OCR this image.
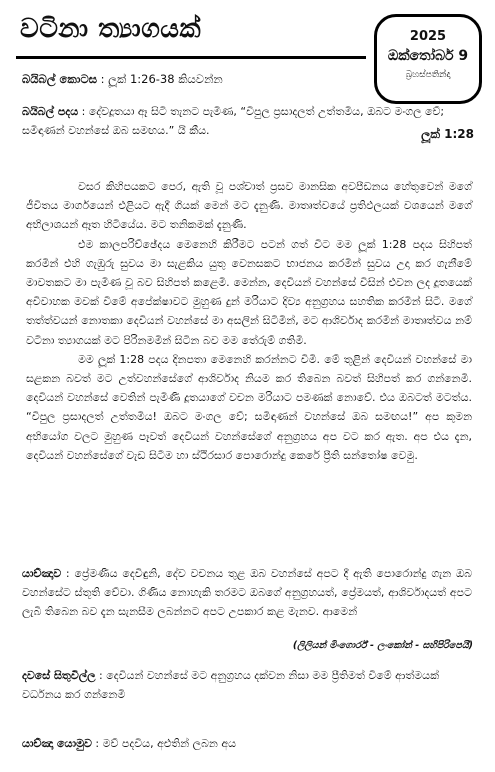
වටිනා ත්‍යාගයක්	2025
ඔක්තෝබර් 9
බ්‍රහස්පතින්දා
බයිබල් කොටස : ලූක් 1:26-38 කියවන්න
බයිබල් පදය : දේවදූතයා ඈ සිටි තැනට පැමිණ, “විපුල ප්‍රසාදලත් උත්තමිය, ඔබට මංගල වේ; සමිඳාණන් වහන්සේ ඔබ සමඟය.” යි කීය.	ලූක් 1:28

වසර කිහිපයකට පෙර, ඇති වූ පශ්චාත් ප්‍රසව මානසික අවපීඩනය හේතුවෙන් මගේ ජීවිතය මාර්ගයෙන් එළියට ඇදී ගියක් මෙන් මට දැනුණි. මාතෘත්වයේ ප්‍රතිඵලයක් වශයෙන් මගේ අභිලාශයන් ඈත හිටියේය. මට තනිකමක් දැනුණි.

එම කාලපරිච්ඡේදය මෙනෙහි කිරීමට පටන් ගත් විට මම ලූක් 1:28 පදය සිහිපත් කරමින් එහි ගැඹුරු සුවය මා සැළකිය යුතු වෙනසකට භාජනය කරමින් සුවය උදා කර ගැනීමේ මාවතකට මා පැමිණ වූ බව සිහිපත් කළෙමි. මෙන්න, දෙවියන් වහන්සේ විසින් එවන ලද දූතයෙක් අවිවාහක මවක් වීමේ අපේක්ෂාවට මුහුණ දුන් මරියාට දිව්‍ය අනුග්‍රහය සහතික කරමින් සිටී. මගේ තත්ත්වයන් නොතකා දෙවියන් වහන්සේ මා අසලින් සිටිමින්, මට ආශිර්වාද කරමින් මාතෘත්වය නම් වටිනා ත්‍යාගයක් මට පිරිනමමින් සිටින බව මම තේරුම් ගතිමි.

මම ලූක් 1:28 පදය දිනපතා මෙනෙහි කරන්නට විමි. මේ තුළින් දෙවියන් වහන්සේ මා සළකන බවත් මට උත්වහන්සේගේ ආශිර්වාද නියම කර තිබෙන බවත් සිහිපත් කර ගන්නෙමි. දෙවියන් වහන්සේ වෙතින් පැමිණි දූතයාගේ වචන මරියාට පමණක් නොවේ. එය ඔබටත් මටත්ය. “විපුල ප්‍රසාදලත් උත්තමිය! ඔබට මංගල වේ; සමිඳාණන් වහන්සේ ඔබ සමඟය!” අප කුමන අභියෝග වලට මුහුණ පෑවත් දෙවියන් වහන්සේගේ අනුග්‍රහය අප වට කර ඇත. අප එය දැන, දෙවියන් වහන්සේගේ වැඩ සිටීම හා ස්ථිරසාර පොරොන්දු කෙරේ ප්‍රීති සන්තෝෂ වෙමු.

යාච්ඤාව : ප්‍රේමණීය දෙවිඳුනි, දේව වචනය තුළ ඔබ වහන්සේ අපට දී ඇති පොරොන්දු ගැන ඔබ වහන්සේට ස්තූති වේවා. ගිණිය නොහැකි තරමට ඔබගේ අනුග්‍රහයත්, ප්‍රේමයත්, ආශිර්වාදයත් අපට ලැබී තිබෙන බව දැන සැනසීම ලබන්නට අපට උපකාර කළ මැනව. ආමෙන්
(ලිලියන් මිංගොර්ර් - ලංකෝන් - සහිපිරිපෙයී)
දවසේ සිතුවිල්ල : දෙවියන් වහන්සේ මට අනුග්‍රහය දක්වන නිසා මම ප්‍රීතිමත් වීමේ ආත්මයක් වර්ධනය කර ගන්නෙමි
යාච්ඤා යොමුව : මව් පදවිය, අළුතින් ලබන අය
